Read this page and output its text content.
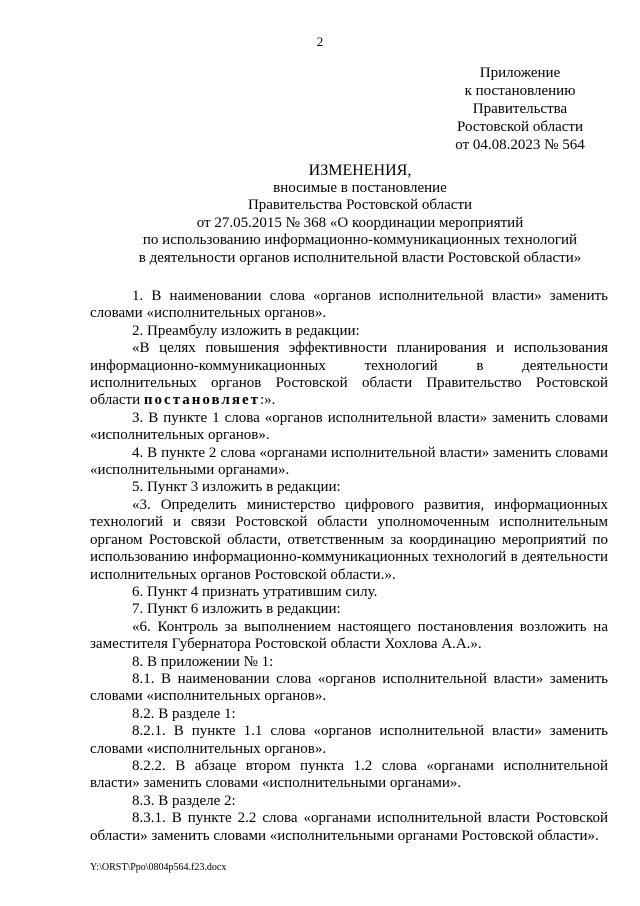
2
Приложение
к постановлению
Правительства
Ростовской области
от 04.08.2023 № 564
ИЗМЕНЕНИЯ,
вносимые в постановление
Правительства Ростовской области
от 27.05.2015 № 368 «О координации мероприятий
по использованию информационно-коммуникационных технологий
в деятельности органов исполнительной власти Ростовской области»

1. В наименовании слова «органов исполнительной власти» заменить словами «исполнительных органов».

2. Преамбулу изложить в редакции:

«В целях повышения эффективности планирования и использования информационно-коммуникационных технологий в деятельности исполнительных органов Ростовской области Правительство Ростовской области постановляет:».

3. В пункте 1 слова «органов исполнительной власти» заменить словами «исполнительных органов».

4. В пункте 2 слова «органами исполнительной власти» заменить словами «исполнительными органами».

5. Пункт 3 изложить в редакции:

«3. Определить министерство цифрового развития, информационных технологий и связи Ростовской области уполномоченным исполнительным органом Ростовской области, ответственным за координацию мероприятий по использованию информационно-коммуникационных технологий в деятельности исполнительных органов Ростовской области.».

6. Пункт 4 признать утратившим силу.

7. Пункт 6 изложить в редакции:

«6. Контроль за выполнением настоящего постановления возложить на заместителя Губернатора Ростовской области Хохлова А.А.».

8. В приложении № 1:

8.1. В наименовании слова «органов исполнительной власти» заменить словами «исполнительных органов».

8.2. В разделе 1:

8.2.1. В пункте 1.1 слова «органов исполнительной власти» заменить словами «исполнительных органов».

8.2.2. В абзаце втором пункта 1.2 слова «органами исполнительной власти» заменить словами «исполнительными органами».

8.3. В разделе 2:

8.3.1. В пункте 2.2 слова «органами исполнительной власти Ростовской области» заменить словами «исполнительными органами Ростовской области».

Y:\ORST\Ppo\0804p564.f23.docx
